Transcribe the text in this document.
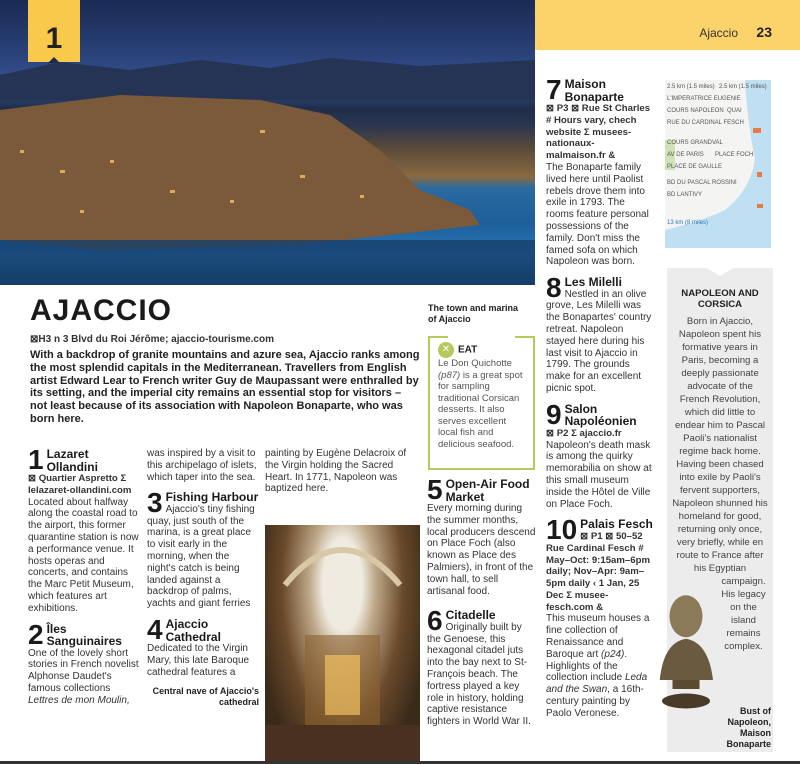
1	Ajaccio 23
AJACCIO
⊠H3 n 3 Blvd du Roi Jérôme; ajaccio-tourisme.com
With a backdrop of granite mountains and azure sea, Ajaccio ranks among the most splendid capitals in the Mediterranean. Travellers from English artist Edward Lear to French writer Guy de Maupassant were enthralled by its setting, and the imperial city remains an essential stop for visitors – not least because of its association with Napoleon Bonaparte, who was born here.
The town and marina of Ajaccio
✕ EAT
Le Don Quichotte (p87) is a great spot for sampling traditional Corsican desserts. It also serves excellent local fish and delicious seafood.
1 Lazaret Ollandini
⊠ Quartier Aspretto Σ lelazaret-ollandini.com
Located about halfway along the coastal road to the airport, this former quarantine station is now a performance venue. It hosts operas and concerts, and contains the Marc Petit Museum, which features art exhibitions.
2 Îles Sanguinaires
One of the lovely short stories in French novelist Alphonse Daudet's famous collections Lettres de mon Moulin,
was inspired by a visit to this archipelago of islets, which taper into the sea.
3 Fishing Harbour
Ajaccio's tiny fishing quay, just south of the marina, is a great place to visit early in the morning, when the night's catch is being landed against a backdrop of palms, yachts and giant ferries
4 Ajaccio Cathedral
Dedicated to the Virgin Mary, this late Baroque cathedral features a
Central nave of Ajaccio's cathedral
painting by Eugène Delacroix of the Virgin holding the Sacred Heart. In 1771, Napoleon was baptized here.	5 Open-Air Food Market
Every morning during the summer months, local producers descend on Place Foch (also known as Place des Palmiers), in front of the town hall, to sell artisanal food.
6 Citadelle
Originally built by the Genoese, this hexagonal citadel juts into the bay next to St-François beach. The fortress played a key role in history, holding captive resistance fighters in World War II.
7 Maison Bonaparte
⊠ P3 ⊠ Rue St Charles # Hours vary, chech website Σ musees-nationaux-malmaison.fr &
The Bonaparte family lived here until Paolist rebels drove them into exile in 1793. The rooms feature personal possessions of the family. Don't miss the famed sofa on which Napoleon was born.
8 Les Milelli
Nestled in an olive grove, Les Milelli was the Bonapartes' country retreat. Napoleon stayed here during his last visit to Ajaccio in 1799. The grounds make for an excellent picnic spot.
9 Salon Napoléonien
⊠ P2 Σ ajaccio.fr
Napoleon's death mask is among the quirky memorabilia on show at this small museum inside the Hôtel de Ville on Place Foch.
10 Palais Fesch
⊠ P1 ⊠ 50–52 Rue Cardinal Fesch # May–Oct: 9:15am–6pm daily; Nov–Apr: 9am–5pm daily ‹ 1 Jan, 25 Dec Σ musee-fesch.com &
This museum houses a fine collection of Renaissance and Baroque art (p24). Highlights of the collection include Leda and the Swan, a 16th-century painting by Paolo Veronese.
2.5 km (1.5 miles) 2.5 km (1.5 miles)
L'IMPERATRICE EUGENIE
COURS NAPOLEON QUAI
RUE DU CARDINAL FESCH
COURS GRANDVAL
AV DE PARIS PLACE FOCH
PLACE DE GAULLE
BD DU PASCAL ROSSINI
BD LANTIVY
13 km (8 miles)
NAPOLEON AND CORSICA

Born in Ajaccio, Napoleon spent his formative years in Paris, becoming a deeply passionate advocate of the French Revolution, which did little to endear him to Pascal Paoli's nationalist regime back home. Having been chased into exile by Paoli's fervent supporters, Napoleon shunned his homeland for good, returning only once, very briefly, while en route to France after his Egyptian campaign. His legacy on the island remains complex.

Bust of Napoleon, Maison Bonaparte
